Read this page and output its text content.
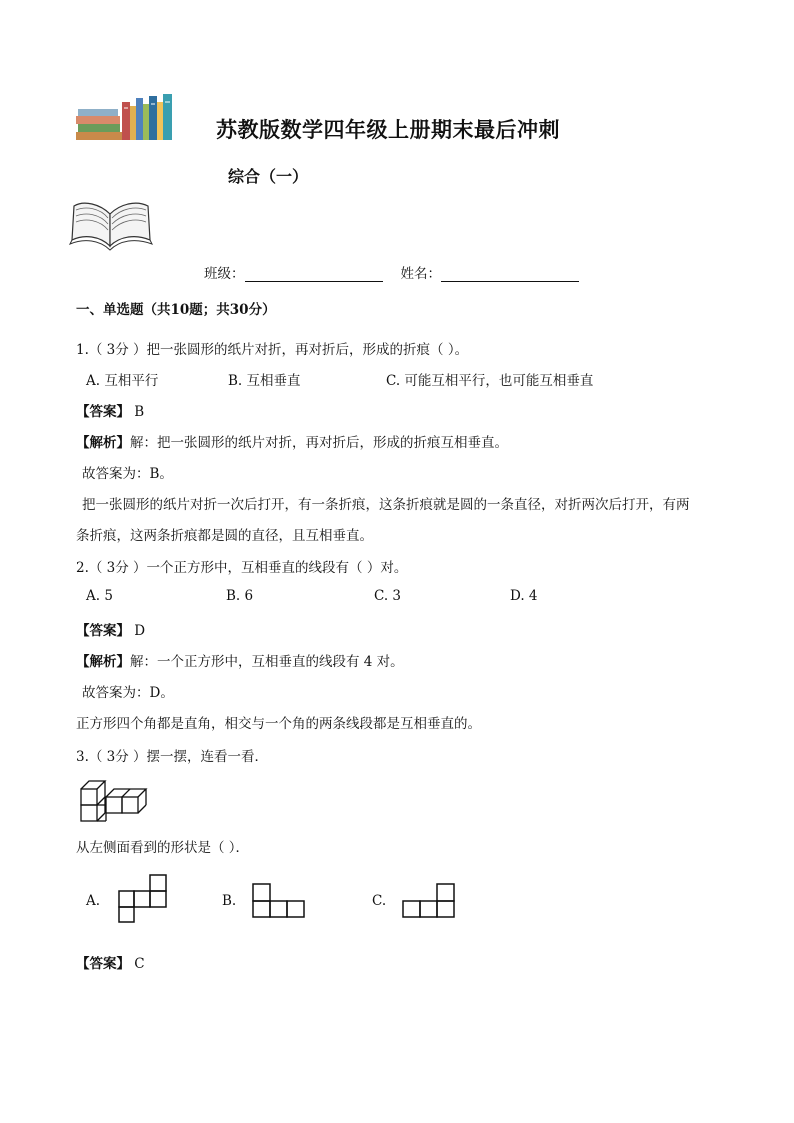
苏教版数学四年级上册期末最后冲刺
综合（一）
班级：	姓名：
一、单选题（共10题；共30分）
1.（ 3分 ）把一张圆形的纸片对折，再对折后，形成的折痕（ ）。
A. 互相平行	B. 互相垂直	C. 可能互相平行，也可能互相垂直
【答案】 B
【解析】解：把一张圆形的纸片对折，再对折后，形成的折痕互相垂直。
故答案为：B。
把一张圆形的纸片对折一次后打开，有一条折痕，这条折痕就是圆的一条直径，对折两次后打开，有两
条折痕，这两条折痕都是圆的直径，且互相垂直。
2.（ 3分 ）一个正方形中，互相垂直的线段有（ ）对。
A. 5	B. 6	C. 3	D. 4
【答案】 D
【解析】解：一个正方形中，互相垂直的线段有 4 对。
故答案为：D。
正方形四个角都是直角，相交与一个角的两条线段都是互相垂直的。
3.（ 3分 ）摆一摆，连看一看．
从左侧面看到的形状是（ ）．
A.	B.	C.
【答案】 C
